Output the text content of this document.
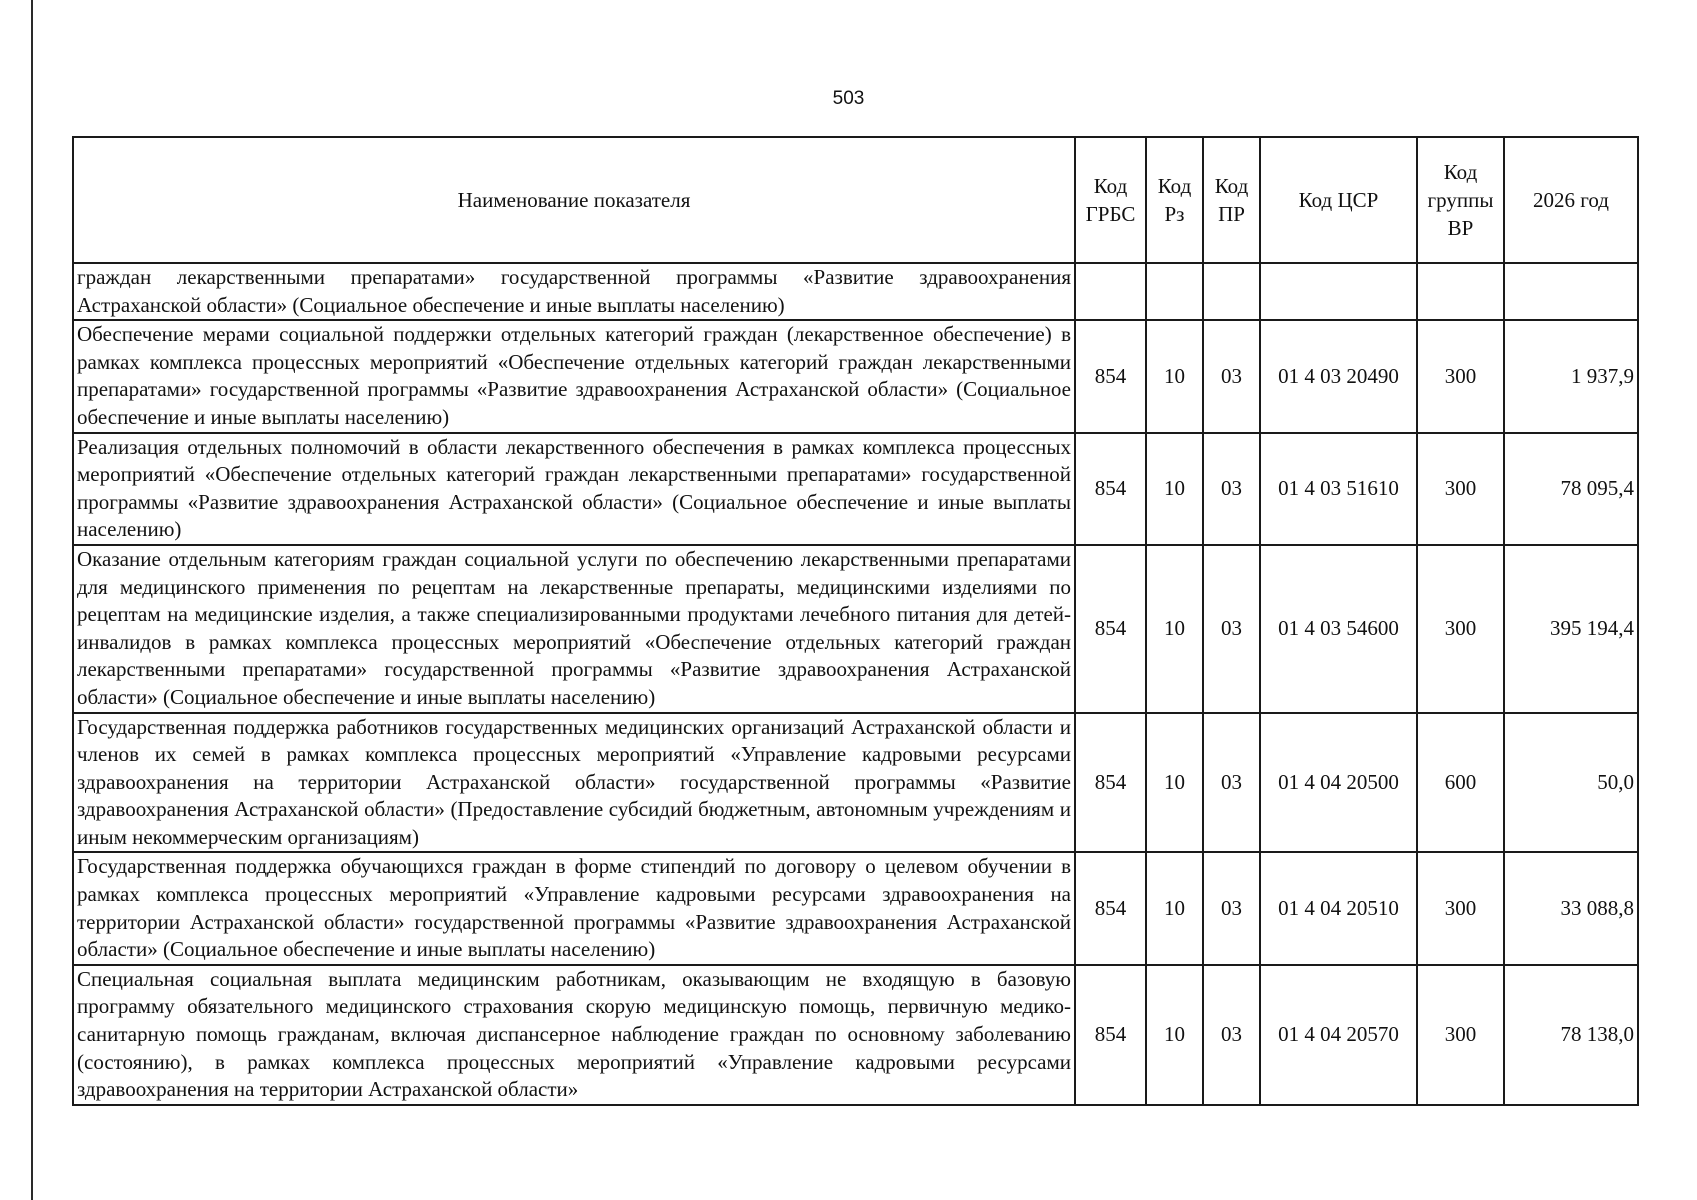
503
Наименование показателя	Код ГРБС	Код Рз	Код ПР	Код ЦСР	Код группы ВР	2026 год
граждан лекарственными препаратами» государственной программы «Развитие здравоохранения Астраханской области» (Социальное обеспечение и иные выплаты населению)						
Обеспечение мерами социальной поддержки отдельных категорий граждан (лекарственное обеспечение) в рамках комплекса процессных мероприятий «Обеспечение отдельных категорий граждан лекарственными препаратами» государственной программы «Развитие здравоохранения Астраханской области» (Социальное обеспечение и иные выплаты населению)	854	10	03	01 4 03 20490	300	1 937,9
Реализация отдельных полномочий в области лекарственного обеспечения в рамках комплекса процессных мероприятий «Обеспечение отдельных категорий граждан лекарственными препаратами» государственной программы «Развитие здравоохранения Астраханской области» (Социальное обеспечение и иные выплаты населению)	854	10	03	01 4 03 51610	300	78 095,4
Оказание отдельным категориям граждан социальной услуги по обеспечению лекарственными препаратами для медицинского применения по рецептам на лекарственные препараты, медицинскими изделиями по рецептам на медицинские изделия, а также специализированными продуктами лечебного питания для детей-инвалидов в рамках комплекса процессных мероприятий «Обеспечение отдельных категорий граждан лекарственными препаратами» государственной программы «Развитие здравоохранения Астраханской области» (Социальное обеспечение и иные выплаты населению)	854	10	03	01 4 03 54600	300	395 194,4
Государственная поддержка работников государственных медицинских организаций Астраханской области и членов их семей в рамках комплекса процессных мероприятий «Управление кадровыми ресурсами здравоохранения на территории Астраханской области» государственной программы «Развитие здравоохранения Астраханской области» (Предоставление субсидий бюджетным, автономным учреждениям и иным некоммерческим организациям)	854	10	03	01 4 04 20500	600	50,0
Государственная поддержка обучающихся граждан в форме стипендий по договору о целевом обучении в рамках комплекса процессных мероприятий «Управление кадровыми ресурсами здравоохранения на территории Астраханской области» государственной программы «Развитие здравоохранения Астраханской области» (Социальное обеспечение и иные выплаты населению)	854	10	03	01 4 04 20510	300	33 088,8
Специальная социальная выплата медицинским работникам, оказывающим не входящую в базовую программу обязательного медицинского страхования скорую медицинскую помощь, первичную медико-санитарную помощь гражданам, включая диспансерное наблюдение граждан по основному заболеванию (состоянию), в рамках комплекса процессных мероприятий «Управление кадровыми ресурсами здравоохранения на территории Астраханской области»	854	10	03	01 4 04 20570	300	78 138,0
